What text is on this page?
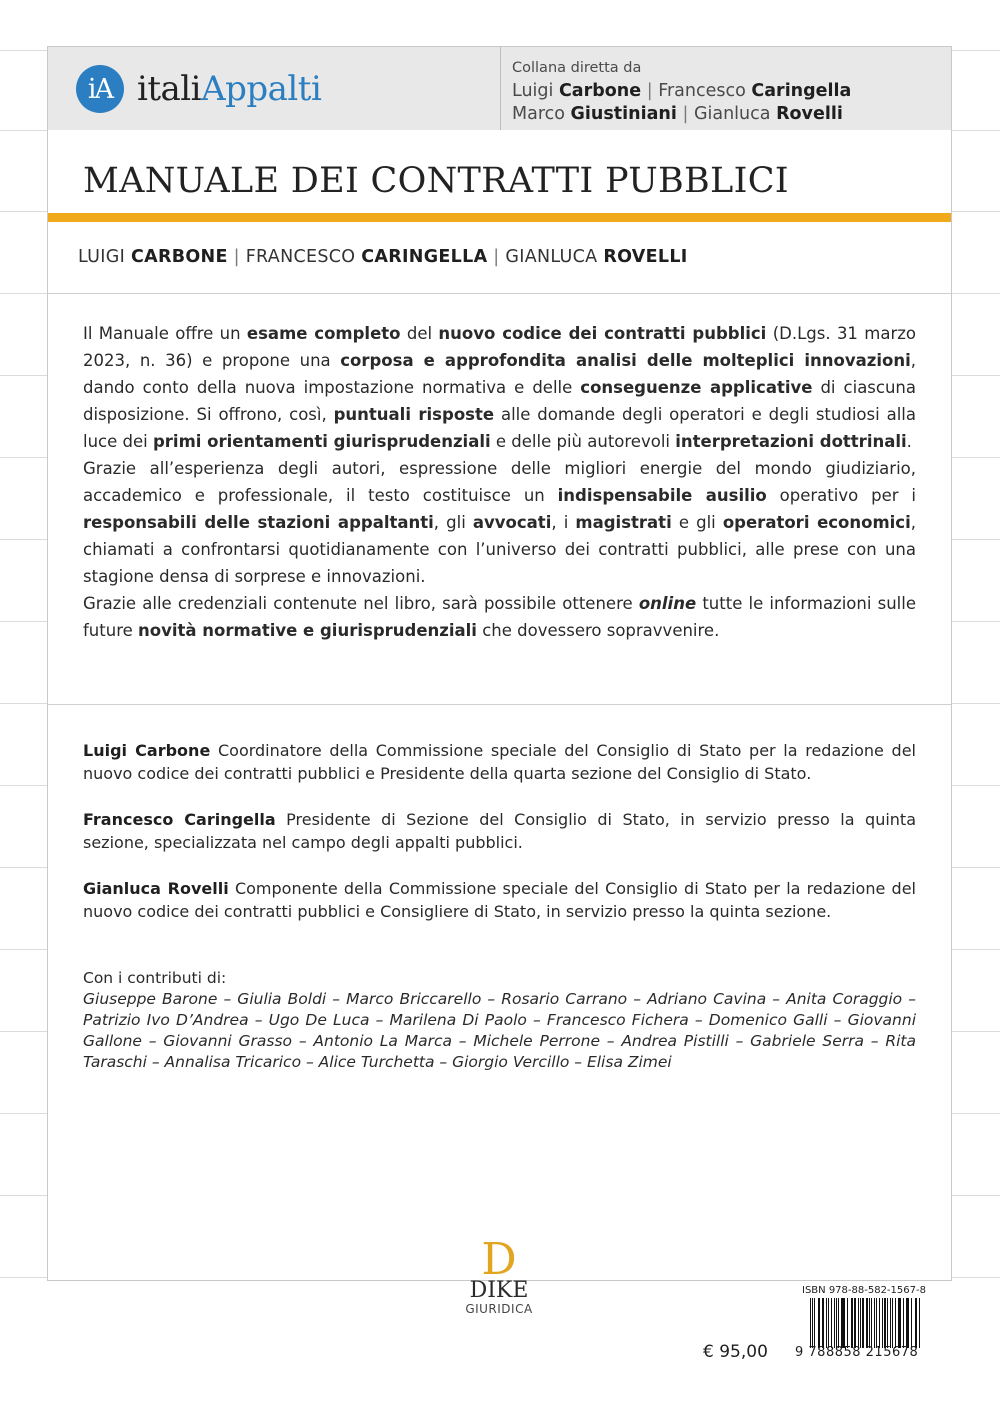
iA italiAppalti
Collana diretta da
Luigi Carbone | Francesco Caringella
Marco Giustiniani | Gianluca Rovelli
MANUALE DEI CONTRATTI PUBBLICI
LUIGI CARBONE | FRANCESCO CARINGELLA | GIANLUCA ROVELLI

Il Manuale offre un esame completo del nuovo codice dei contratti pubblici (D.Lgs. 31 marzo 2023, n. 36) e propone una corposa e approfondita analisi delle molteplici innovazioni, dando conto della nuova impostazione normativa e delle conseguenze applicative di ciascuna disposizione. Si offrono, così, puntuali risposte alle domande degli operatori e degli studiosi alla luce dei primi orientamenti giurisprudenziali e delle più autorevoli interpretazioni dottrinali.

Grazie all’esperienza degli autori, espressione delle migliori energie del mondo giudiziario, accademico e professionale, il testo costituisce un indispensabile ausilio operativo per i responsabili delle stazioni appaltanti, gli avvocati, i magistrati e gli operatori economici, chiamati a confrontarsi quotidianamente con l’universo dei contratti pubblici, alle prese con una stagione densa di sorprese e innovazioni.

Grazie alle credenziali contenute nel libro, sarà possibile ottenere online tutte le informazioni sulle future novità normative e giurisprudenziali che dovessero sopravvenire.

Luigi Carbone Coordinatore della Commissione speciale del Consiglio di Stato per la redazione del nuovo codice dei contratti pubblici e Presidente della quarta sezione del Consiglio di Stato.
Francesco Caringella Presidente di Sezione del Consiglio di Stato, in servizio presso la quinta sezione, specializzata nel campo degli appalti pubblici.
Gianluca Rovelli Componente della Commissione speciale del Consiglio di Stato per la redazione del nuovo codice dei contratti pubblici e Consigliere di Stato, in servizio presso la quinta sezione.
Con i contributi di:
Giuseppe Barone – Giulia Boldi – Marco Briccarello – Rosario Carrano – Adriano Cavina – Anita Coraggio – Patrizio Ivo D’Andrea – Ugo De Luca – Marilena Di Paolo – Francesco Fichera – Domenico Galli – Giovanni Gallone – Giovanni Grasso – Antonio La Marca – Michele Perrone – Andrea Pistilli – Gabriele Serra – Rita Taraschi – Annalisa Tricarico – Alice Turchetta – Giorgio Vercillo – Elisa Zimei
D
DIKE
GIURIDICA
€ 95,00
ISBN 978-88-582-1567-8
9 788858 215678
